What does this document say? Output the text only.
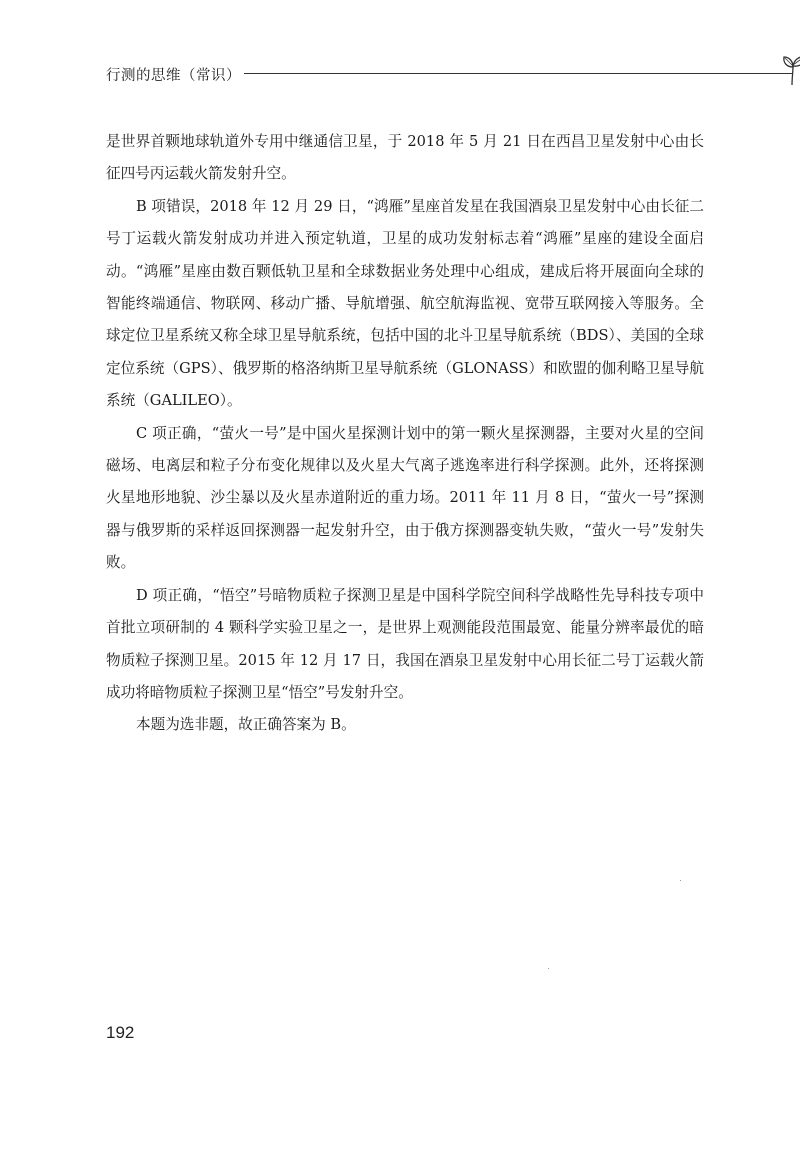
行测的思维（常识）

是世界首颗地球轨道外专用中继通信卫星，于 2018 年 5 月 21 日在西昌卫星发射中心由长征四号丙运载火箭发射升空。

B 项错误，2018 年 12 月 29 日，“鸿雁”星座首发星在我国酒泉卫星发射中心由长征二号丁运载火箭发射成功并进入预定轨道，卫星的成功发射标志着“鸿雁”星座的建设全面启动。“鸿雁”星座由数百颗低轨卫星和全球数据业务处理中心组成，建成后将开展面向全球的智能终端通信、物联网、移动广播、导航增强、航空航海监视、宽带互联网接入等服务。全球定位卫星系统又称全球卫星导航系统，包括中国的北斗卫星导航系统（BDS）、美国的全球定位系统（GPS）、俄罗斯的格洛纳斯卫星导航系统（GLONASS）和欧盟的伽利略卫星导航系统（GALILEO）。

C 项正确，“萤火一号”是中国火星探测计划中的第一颗火星探测器，主要对火星的空间磁场、电离层和粒子分布变化规律以及火星大气离子逃逸率进行科学探测。此外，还将探测火星地形地貌、沙尘暴以及火星赤道附近的重力场。2011 年 11 月 8 日，“萤火一号”探测器与俄罗斯的采样返回探测器一起发射升空，由于俄方探测器变轨失败，“萤火一号”发射失败。

D 项正确，“悟空”号暗物质粒子探测卫星是中国科学院空间科学战略性先导科技专项中首批立项研制的 4 颗科学实验卫星之一，是世界上观测能段范围最宽、能量分辨率最优的暗物质粒子探测卫星。2015 年 12 月 17 日，我国在酒泉卫星发射中心用长征二号丁运载火箭成功将暗物质粒子探测卫星“悟空”号发射升空。

本题为选非题，故正确答案为 B。

192
